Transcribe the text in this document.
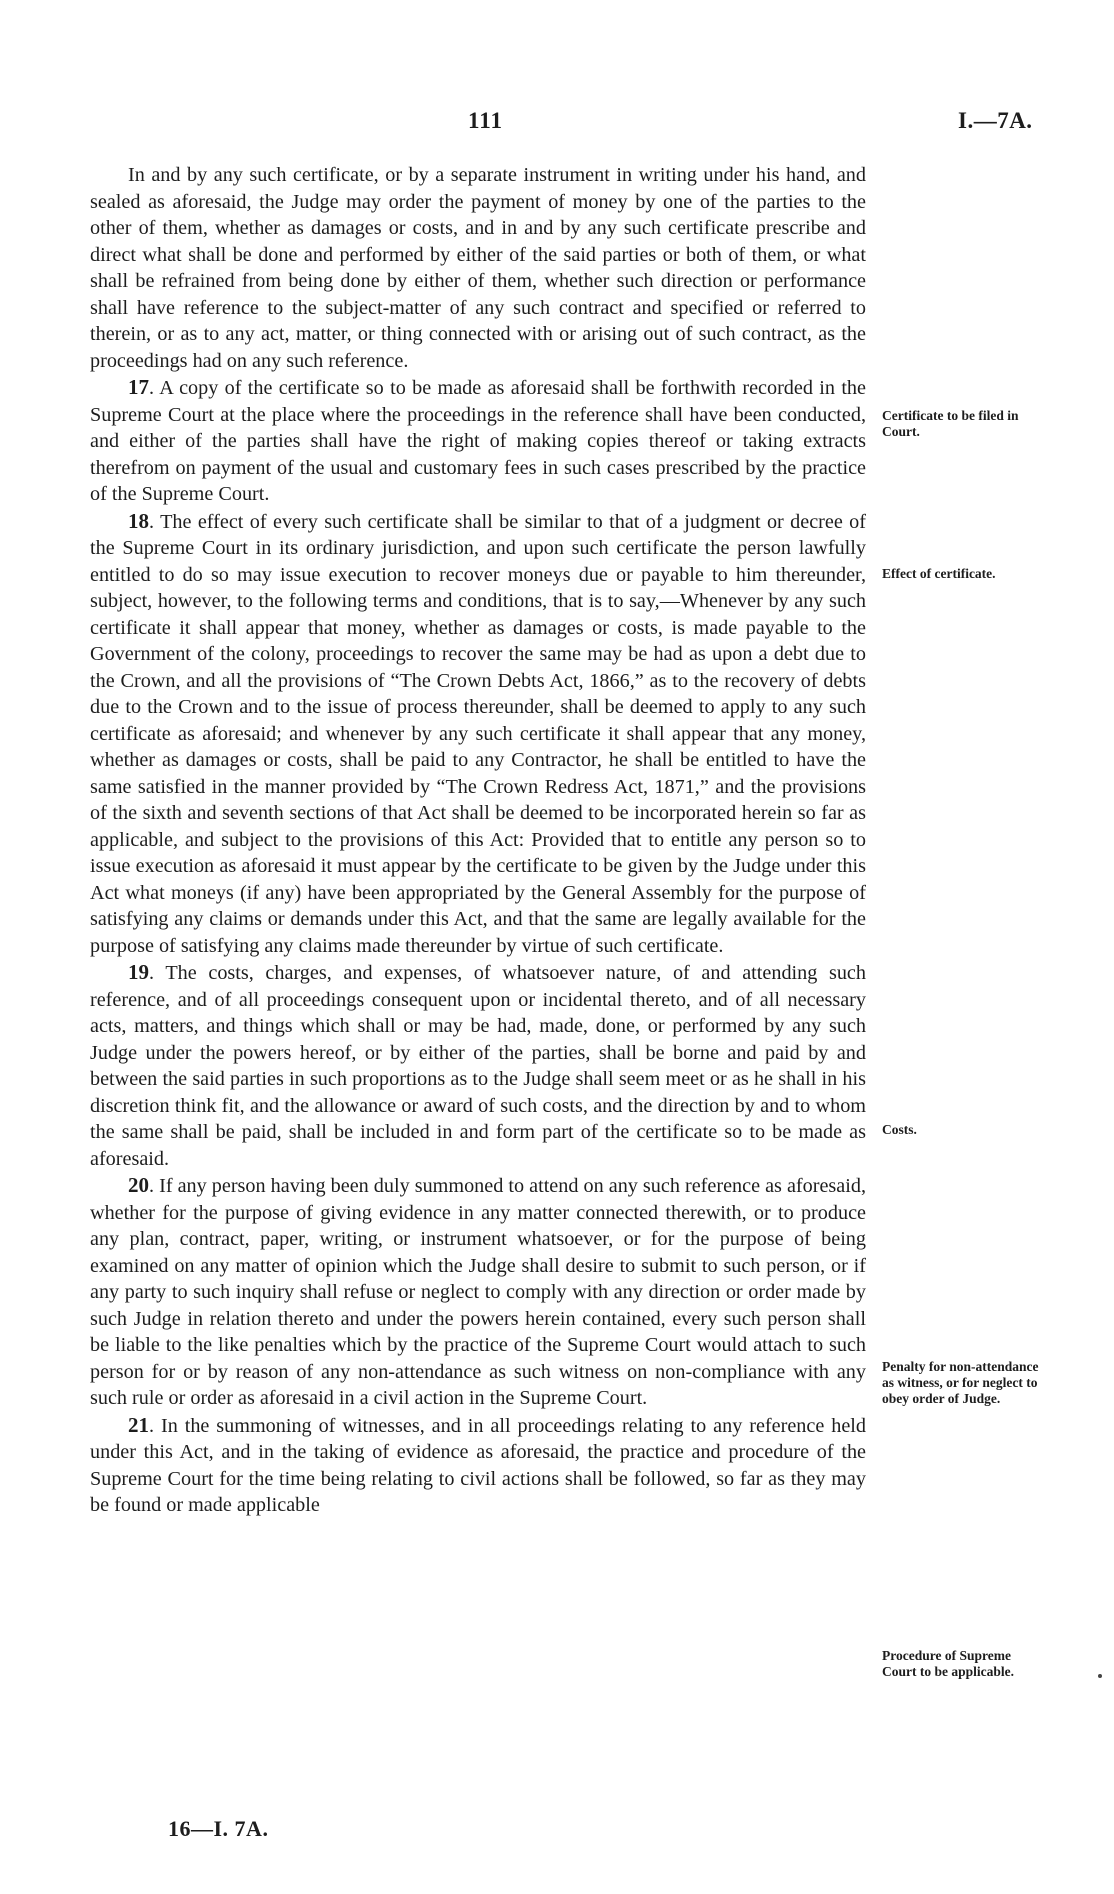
111	I.—7A.

In and by any such certificate, or by a separate instrument in writing under his hand, and sealed as aforesaid, the Judge may order the payment of money by one of the parties to the other of them, whether as damages or costs, and in and by any such certificate prescribe and direct what shall be done and performed by either of the said parties or both of them, or what shall be refrained from being done by either of them, whether such direction or performance shall have reference to the subject-matter of any such contract and specified or referred to therein, or as to any act, matter, or thing connected with or arising out of such contract, as the proceedings had on any such reference.

17. A copy of the certificate so to be made as aforesaid shall be forthwith recorded in the Supreme Court at the place where the proceedings in the reference shall have been conducted, and either of the parties shall have the right of making copies thereof or taking extracts therefrom on payment of the usual and customary fees in such cases prescribed by the practice of the Supreme Court.

18. The effect of every such certificate shall be similar to that of a judgment or decree of the Supreme Court in its ordinary jurisdiction, and upon such certificate the person lawfully entitled to do so may issue execution to recover moneys due or payable to him thereunder, subject, however, to the following terms and conditions, that is to say,—Whenever by any such certificate it shall appear that money, whether as damages or costs, is made payable to the Government of the colony, proceedings to recover the same may be had as upon a debt due to the Crown, and all the provisions of “The Crown Debts Act, 1866,” as to the recovery of debts due to the Crown and to the issue of process thereunder, shall be deemed to apply to any such certificate as aforesaid; and whenever by any such certificate it shall appear that any money, whether as damages or costs, shall be paid to any Contractor, he shall be entitled to have the same satisfied in the manner provided by “The Crown Redress Act, 1871,” and the provisions of the sixth and seventh sections of that Act shall be deemed to be incorporated herein so far as applicable, and subject to the provisions of this Act: Provided that to entitle any person so to issue execution as aforesaid it must appear by the certificate to be given by the Judge under this Act what moneys (if any) have been appropriated by the General Assembly for the purpose of satisfying any claims or demands under this Act, and that the same are legally available for the purpose of satisfying any claims made thereunder by virtue of such certificate.

19. The costs, charges, and expenses, of whatsoever nature, of and attending such reference, and of all proceedings consequent upon or incidental thereto, and of all necessary acts, matters, and things which shall or may be had, made, done, or performed by any such Judge under the powers hereof, or by either of the parties, shall be borne and paid by and between the said parties in such proportions as to the Judge shall seem meet or as he shall in his discretion think fit, and the allowance or award of such costs, and the direction by and to whom the same shall be paid, shall be included in and form part of the certificate so to be made as aforesaid.

20. If any person having been duly summoned to attend on any such reference as aforesaid, whether for the purpose of giving evidence in any matter connected therewith, or to produce any plan, contract, paper, writing, or instrument whatsoever, or for the purpose of being examined on any matter of opinion which the Judge shall desire to submit to such person, or if any party to such inquiry shall refuse or neglect to comply with any direction or order made by such Judge in relation thereto and under the powers herein contained, every such person shall be liable to the like penalties which by the practice of the Supreme Court would attach to such person for or by reason of any non-attendance as such witness on non-compliance with any such rule or order as aforesaid in a civil action in the Supreme Court.

21. In the summoning of witnesses, and in all proceedings relating to any reference held under this Act, and in the taking of evidence as aforesaid, the practice and procedure of the Supreme Court for the time being relating to civil actions shall be followed, so far as they may be found or made applicable

Certificate to be filed in Court.
Effect of certificate.
Costs.
Penalty for non-attendance as witness, or for neglect to obey order of Judge.
Procedure of Supreme Court to be applicable.
16—I. 7A.
